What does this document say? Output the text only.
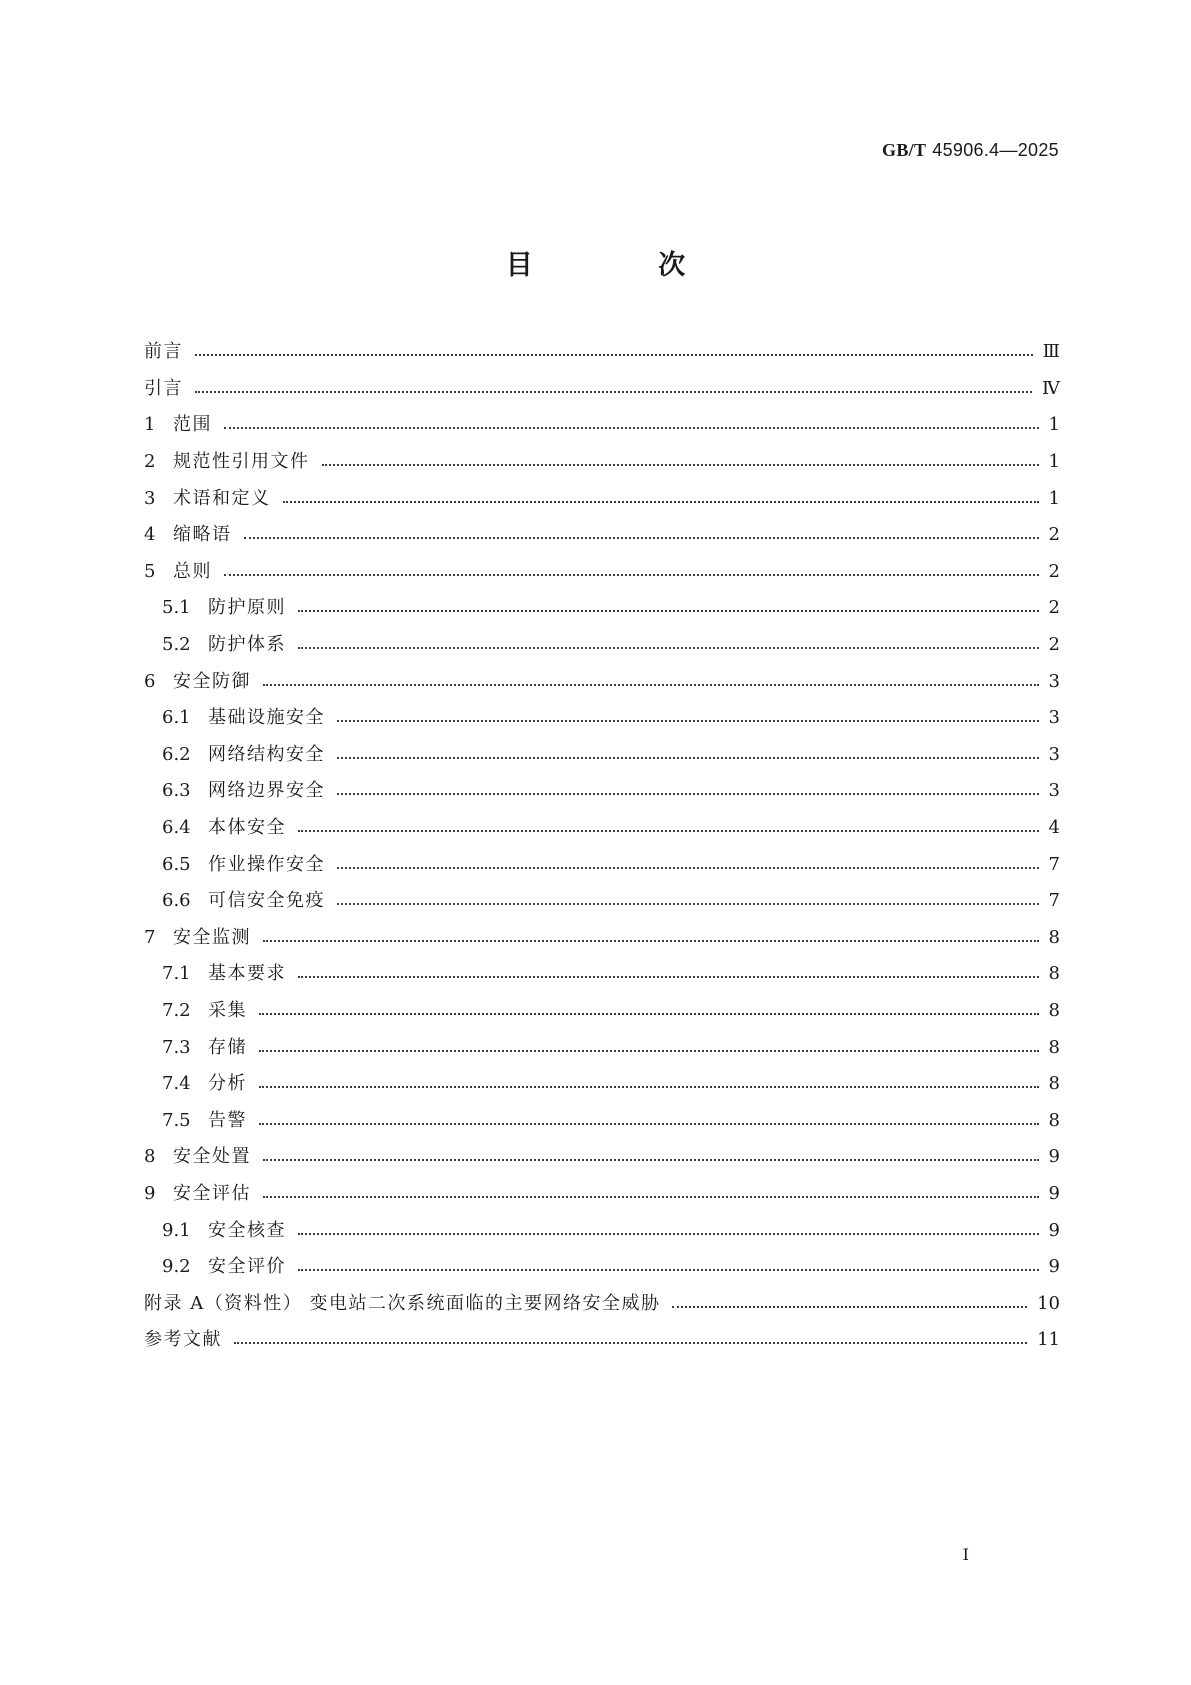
GB/T 45906.4—2025
目 次
前言	Ⅲ
引言	Ⅳ
1 范围	1
2 规范性引用文件	1
3 术语和定义	1
4 缩略语	2
5 总则	2
5.1 防护原则	2
5.2 防护体系	2
6 安全防御	3
6.1 基础设施安全	3
6.2 网络结构安全	3
6.3 网络边界安全	3
6.4 本体安全	4
6.5 作业操作安全	7
6.6 可信安全免疫	7
7 安全监测	8
7.1 基本要求	8
7.2 采集	8
7.3 存储	8
7.4 分析	8
7.5 告警	8
8 安全处置	9
9 安全评估	9
9.1 安全核查	9
9.2 安全评价	9
附录 A（资料性） 变电站二次系统面临的主要网络安全威胁	10
参考文献	11
Ⅰ
